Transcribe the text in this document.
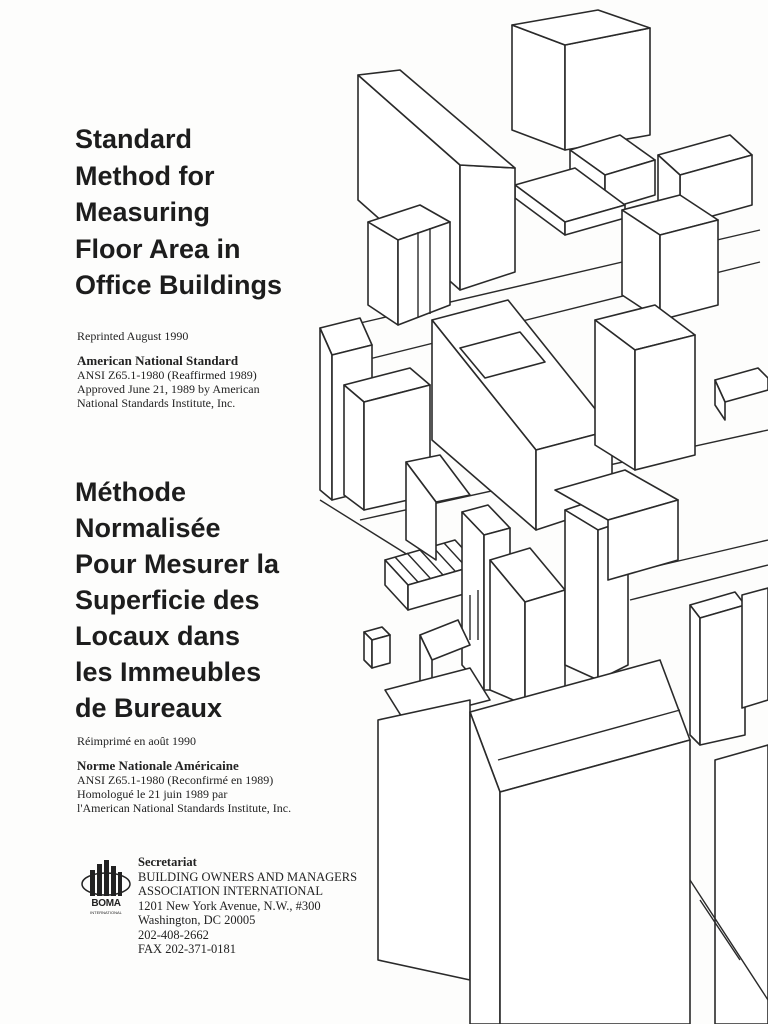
Standard
Method for
Measuring
Floor Area in
Office Buildings
Reprinted August 1990
American National Standard
ANSI Z65.1-1980 (Reaffirmed 1989)
Approved June 21, 1989 by American
National Standards Institute, Inc.
Méthode
Normalisée
Pour Mesurer la
Superficie des
Locaux dans
les Immeubles
de Bureaux
Réimprimé en août 1990
Norme Nationale Américaine
ANSI Z65.1-1980 (Reconfirmé en 1989)
Homologué le 21 juin 1989 par
l'American National Standards Institute, Inc.
BOMA
INTERNATIONAL
Secretariat
BUILDING OWNERS AND MANAGERS
ASSOCIATION INTERNATIONAL
1201 New York Avenue, N.W., #300
Washington, DC 20005
202-408-2662
FAX 202-371-0181
